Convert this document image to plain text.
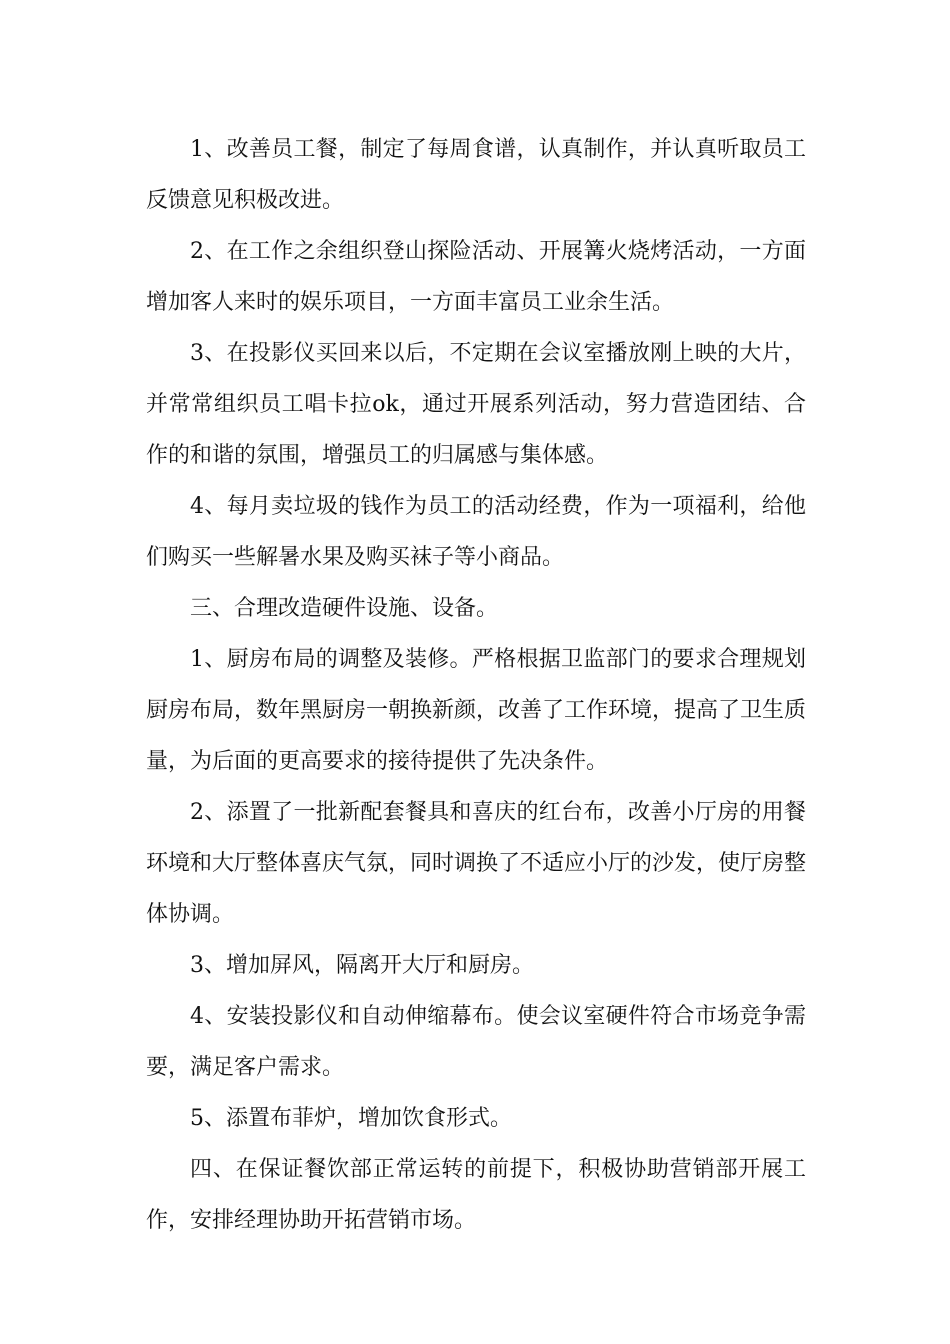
1、改善员工餐，制定了每周食谱，认真制作，并认真听取员工反馈意见积极改进。

2、在工作之余组织登山探险活动、开展篝火烧烤活动，一方面增加客人来时的娱乐项目，一方面丰富员工业余生活。

3、在投影仪买回来以后，不定期在会议室播放刚上映的大片，并常常组织员工唱卡拉ok，通过开展系列活动，努力营造团结、合作的和谐的氛围，增强员工的归属感与集体感。

4、每月卖垃圾的钱作为员工的活动经费，作为一项福利，给他们购买一些解暑水果及购买袜子等小商品。

三、合理改造硬件设施、设备。

1、厨房布局的调整及装修。严格根据卫监部门的要求合理规划厨房布局，数年黑厨房一朝换新颜，改善了工作环境，提高了卫生质量，为后面的更高要求的接待提供了先决条件。

2、添置了一批新配套餐具和喜庆的红台布，改善小厅房的用餐环境和大厅整体喜庆气氛，同时调换了不适应小厅的沙发，使厅房整体协调。

3、增加屏风，隔离开大厅和厨房。

4、安装投影仪和自动伸缩幕布。使会议室硬件符合市场竞争需要，满足客户需求。

5、添置布菲炉，增加饮食形式。

四、在保证餐饮部正常运转的前提下，积极协助营销部开展工作，安排经理协助开拓营销市场。
